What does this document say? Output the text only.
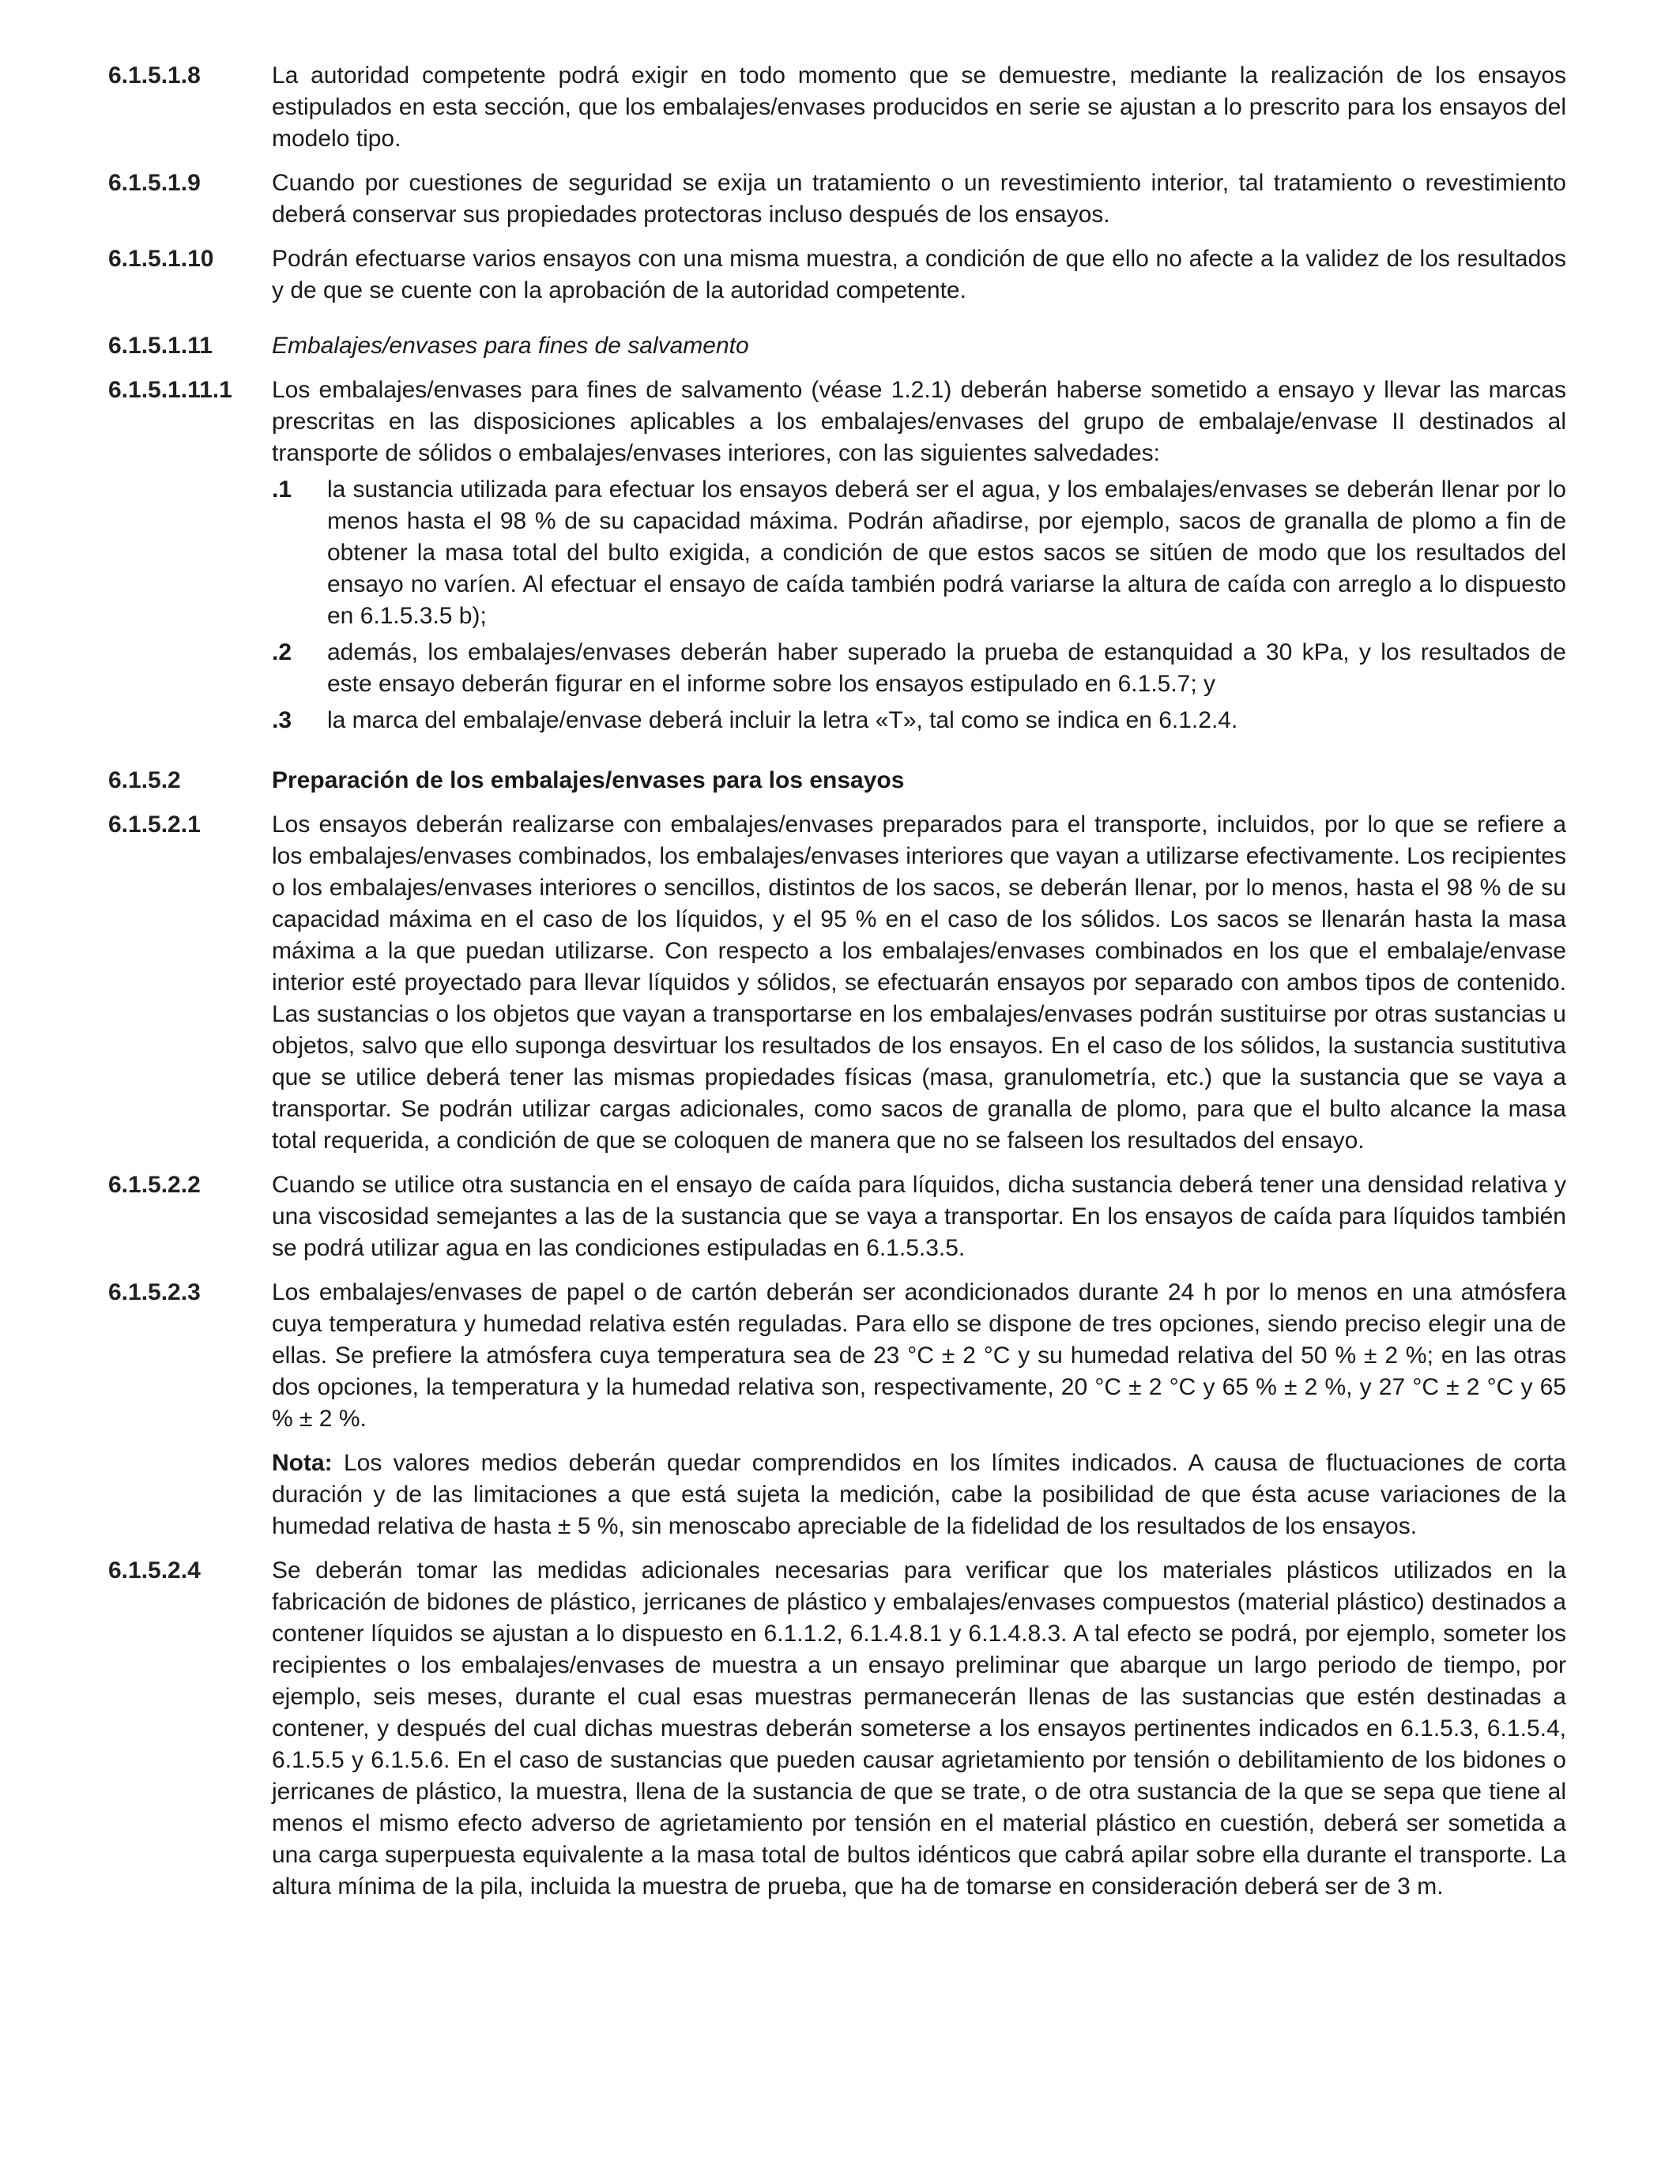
6.1.5.1.8	La autoridad competente podrá exigir en todo momento que se demuestre, mediante la realización de los ensayos estipulados en esta sección, que los embalajes/envases producidos en serie se ajustan a lo prescrito para los ensayos del modelo tipo.

6.1.5.1.9	Cuando por cuestiones de seguridad se exija un tratamiento o un revestimiento interior, tal tratamiento o revestimiento deberá conservar sus propiedades protectoras incluso después de los ensayos.

6.1.5.1.10	Podrán efectuarse varios ensayos con una misma muestra, a condición de que ello no afecte a la validez de los resultados y de que se cuente con la aprobación de la autoridad competente.

6.1.5.1.11	Embalajes/envases para fines de salvamento

6.1.5.1.11.1	Los embalajes/envases para fines de salvamento (véase 1.2.1) deberán haberse sometido a ensayo y llevar las marcas prescritas en las disposiciones aplicables a los embalajes/envases del grupo de embalaje/envase II destinados al transporte de sólidos o embalajes/envases interiores, con las siguientes salvedades:

.1	la sustancia utilizada para efectuar los ensayos deberá ser el agua, y los embalajes/envases se deberán llenar por lo menos hasta el 98 % de su capacidad máxima. Podrán añadirse, por ejemplo, sacos de granalla de plomo a fin de obtener la masa total del bulto exigida, a condición de que estos sacos se sitúen de modo que los resultados del ensayo no varíen. Al efectuar el ensayo de caída también podrá variarse la altura de caída con arreglo a lo dispuesto en 6.1.5.3.5 b);
.2	además, los embalajes/envases deberán haber superado la prueba de estanquidad a 30 kPa, y los resultados de este ensayo deberán figurar en el informe sobre los ensayos estipulado en 6.1.5.7; y
.3	la marca del embalaje/envase deberá incluir la letra «T», tal como se indica en 6.1.2.4.
6.1.5.2	Preparación de los embalajes/envases para los ensayos

6.1.5.2.1	Los ensayos deberán realizarse con embalajes/envases preparados para el transporte, incluidos, por lo que se refiere a los embalajes/envases combinados, los embalajes/envases interiores que vayan a utilizarse efectivamente. Los recipientes o los embalajes/envases interiores o sencillos, distintos de los sacos, se deberán llenar, por lo menos, hasta el 98 % de su capacidad máxima en el caso de los líquidos, y el 95 % en el caso de los sólidos. Los sacos se llenarán hasta la masa máxima a la que puedan utilizarse. Con respecto a los embalajes/envases combinados en los que el embalaje/envase interior esté proyectado para llevar líquidos y sólidos, se efectuarán ensayos por separado con ambos tipos de contenido. Las sustancias o los objetos que vayan a transportarse en los embalajes/envases podrán sustituirse por otras sustancias u objetos, salvo que ello suponga desvirtuar los resultados de los ensayos. En el caso de los sólidos, la sustancia sustitutiva que se utilice deberá tener las mismas propiedades físicas (masa, granulometría, etc.) que la sustancia que se vaya a transportar. Se podrán utilizar cargas adicionales, como sacos de granalla de plomo, para que el bulto alcance la masa total requerida, a condición de que se coloquen de manera que no se falseen los resultados del ensayo.

6.1.5.2.2	Cuando se utilice otra sustancia en el ensayo de caída para líquidos, dicha sustancia deberá tener una densidad relativa y una viscosidad semejantes a las de la sustancia que se vaya a transportar. En los ensayos de caída para líquidos también se podrá utilizar agua en las condiciones estipuladas en 6.1.5.3.5.

6.1.5.2.3	Los embalajes/envases de papel o de cartón deberán ser acondicionados durante 24 h por lo menos en una atmósfera cuya temperatura y humedad relativa estén reguladas. Para ello se dispone de tres opciones, siendo preciso elegir una de ellas. Se prefiere la atmósfera cuya temperatura sea de 23 °C ± 2 °C y su humedad relativa del 50 % ± 2 %; en las otras dos opciones, la temperatura y la humedad relativa son, respectivamente, 20 °C ± 2 °C y 65 % ± 2 %, y 27 °C ± 2 °C y 65 % ± 2 %.

Nota: Los valores medios deberán quedar comprendidos en los límites indicados. A causa de fluctuaciones de corta duración y de las limitaciones a que está sujeta la medición, cabe la posibilidad de que ésta acuse variaciones de la humedad relativa de hasta ± 5 %, sin menoscabo apreciable de la fidelidad de los resultados de los ensayos.

6.1.5.2.4	Se deberán tomar las medidas adicionales necesarias para verificar que los materiales plásticos utilizados en la fabricación de bidones de plástico, jerricanes de plástico y embalajes/envases compuestos (material plástico) destinados a contener líquidos se ajustan a lo dispuesto en 6.1.1.2, 6.1.4.8.1 y 6.1.4.8.3. A tal efecto se podrá, por ejemplo, someter los recipientes o los embalajes/envases de muestra a un ensayo preliminar que abarque un largo periodo de tiempo, por ejemplo, seis meses, durante el cual esas muestras permanecerán llenas de las sustancias que estén destinadas a contener, y después del cual dichas muestras deberán someterse a los ensayos pertinentes indicados en 6.1.5.3, 6.1.5.4, 6.1.5.5 y 6.1.5.6. En el caso de sustancias que pueden causar agrietamiento por tensión o debilitamiento de los bidones o jerricanes de plástico, la muestra, llena de la sustancia de que se trate, o de otra sustancia de la que se sepa que tiene al menos el mismo efecto adverso de agrietamiento por tensión en el material plástico en cuestión, deberá ser sometida a una carga superpuesta equivalente a la masa total de bultos idénticos que cabrá apilar sobre ella durante el transporte. La altura mínima de la pila, incluida la muestra de prueba, que ha de tomarse en consideración deberá ser de 3 m.
